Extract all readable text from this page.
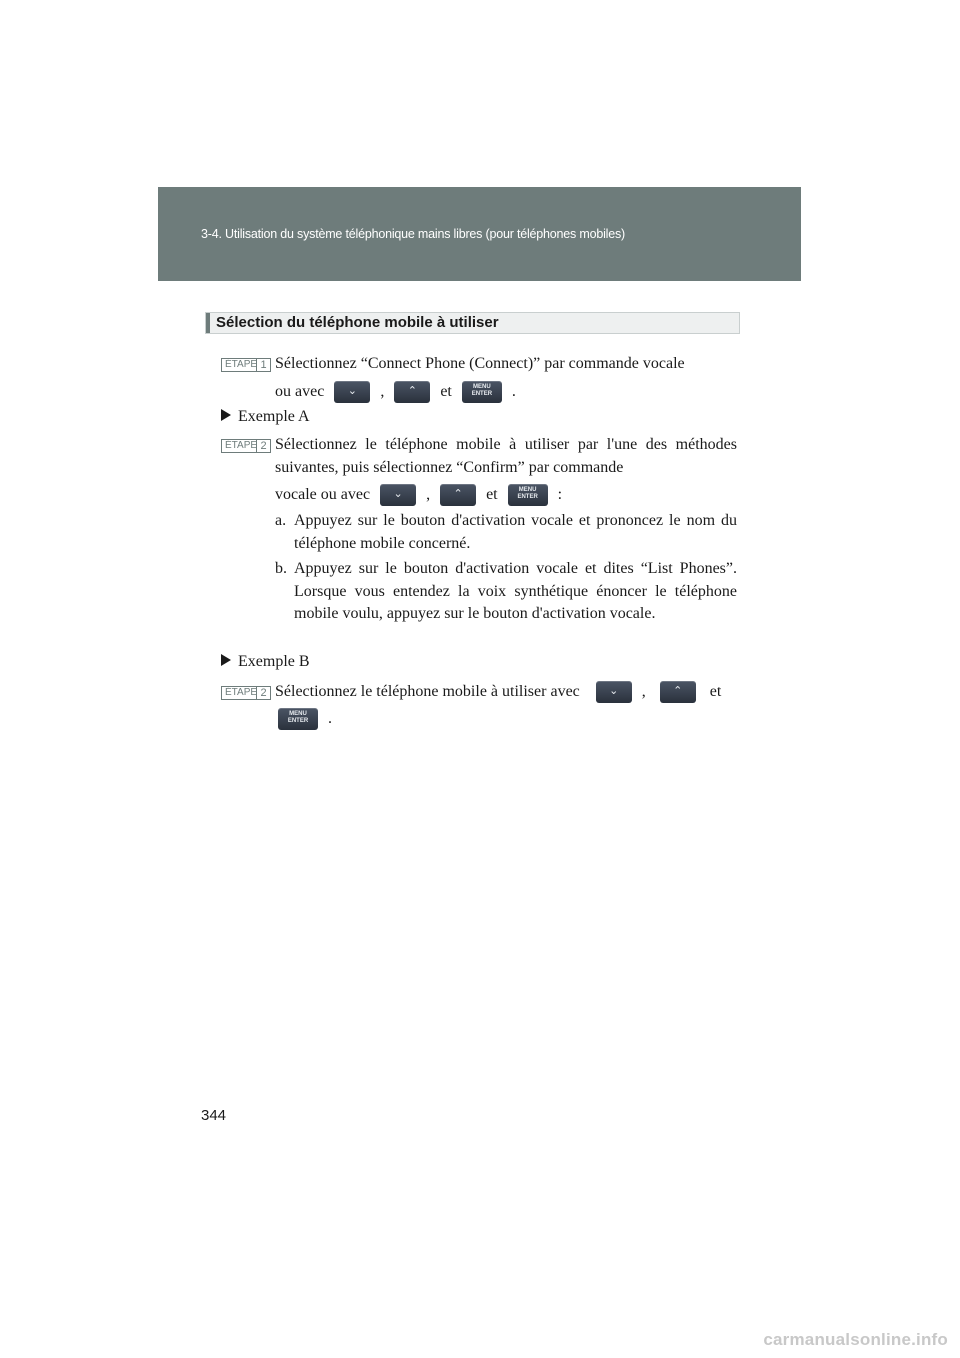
3-4. Utilisation du système téléphonique mains libres (pour téléphones mobiles)
Sélection du téléphone mobile à utiliser
ÉTAPE 1 Sélectionnez “Connect Phone (Connect)” par commande vocale
ou avec	⌄	,	⌃	et	MENU
ENTER	.
Exemple A
ÉTAPE 2 Sélectionnez le téléphone mobile à utiliser par l'une des méthodes suivantes, puis sélectionnez “Confirm” par commande
vocale ou avec	⌄	,	⌃	et	MENU
ENTER	:
a. Appuyez sur le bouton d'activation vocale et prononcez le nom du téléphone mobile concerné.
b. Appuyez sur le bouton d'activation vocale et dites “List Phones”. Lorsque vous entendez la voix synthétique énoncer le téléphone mobile voulu, appuyez sur le bouton d'activation vocale.
Exemple B
ÉTAPE 2 Sélectionnez le téléphone mobile à utiliser avec	⌄	,	⌃	et
MENU
ENTER	.
344
carmanualsonline.info
